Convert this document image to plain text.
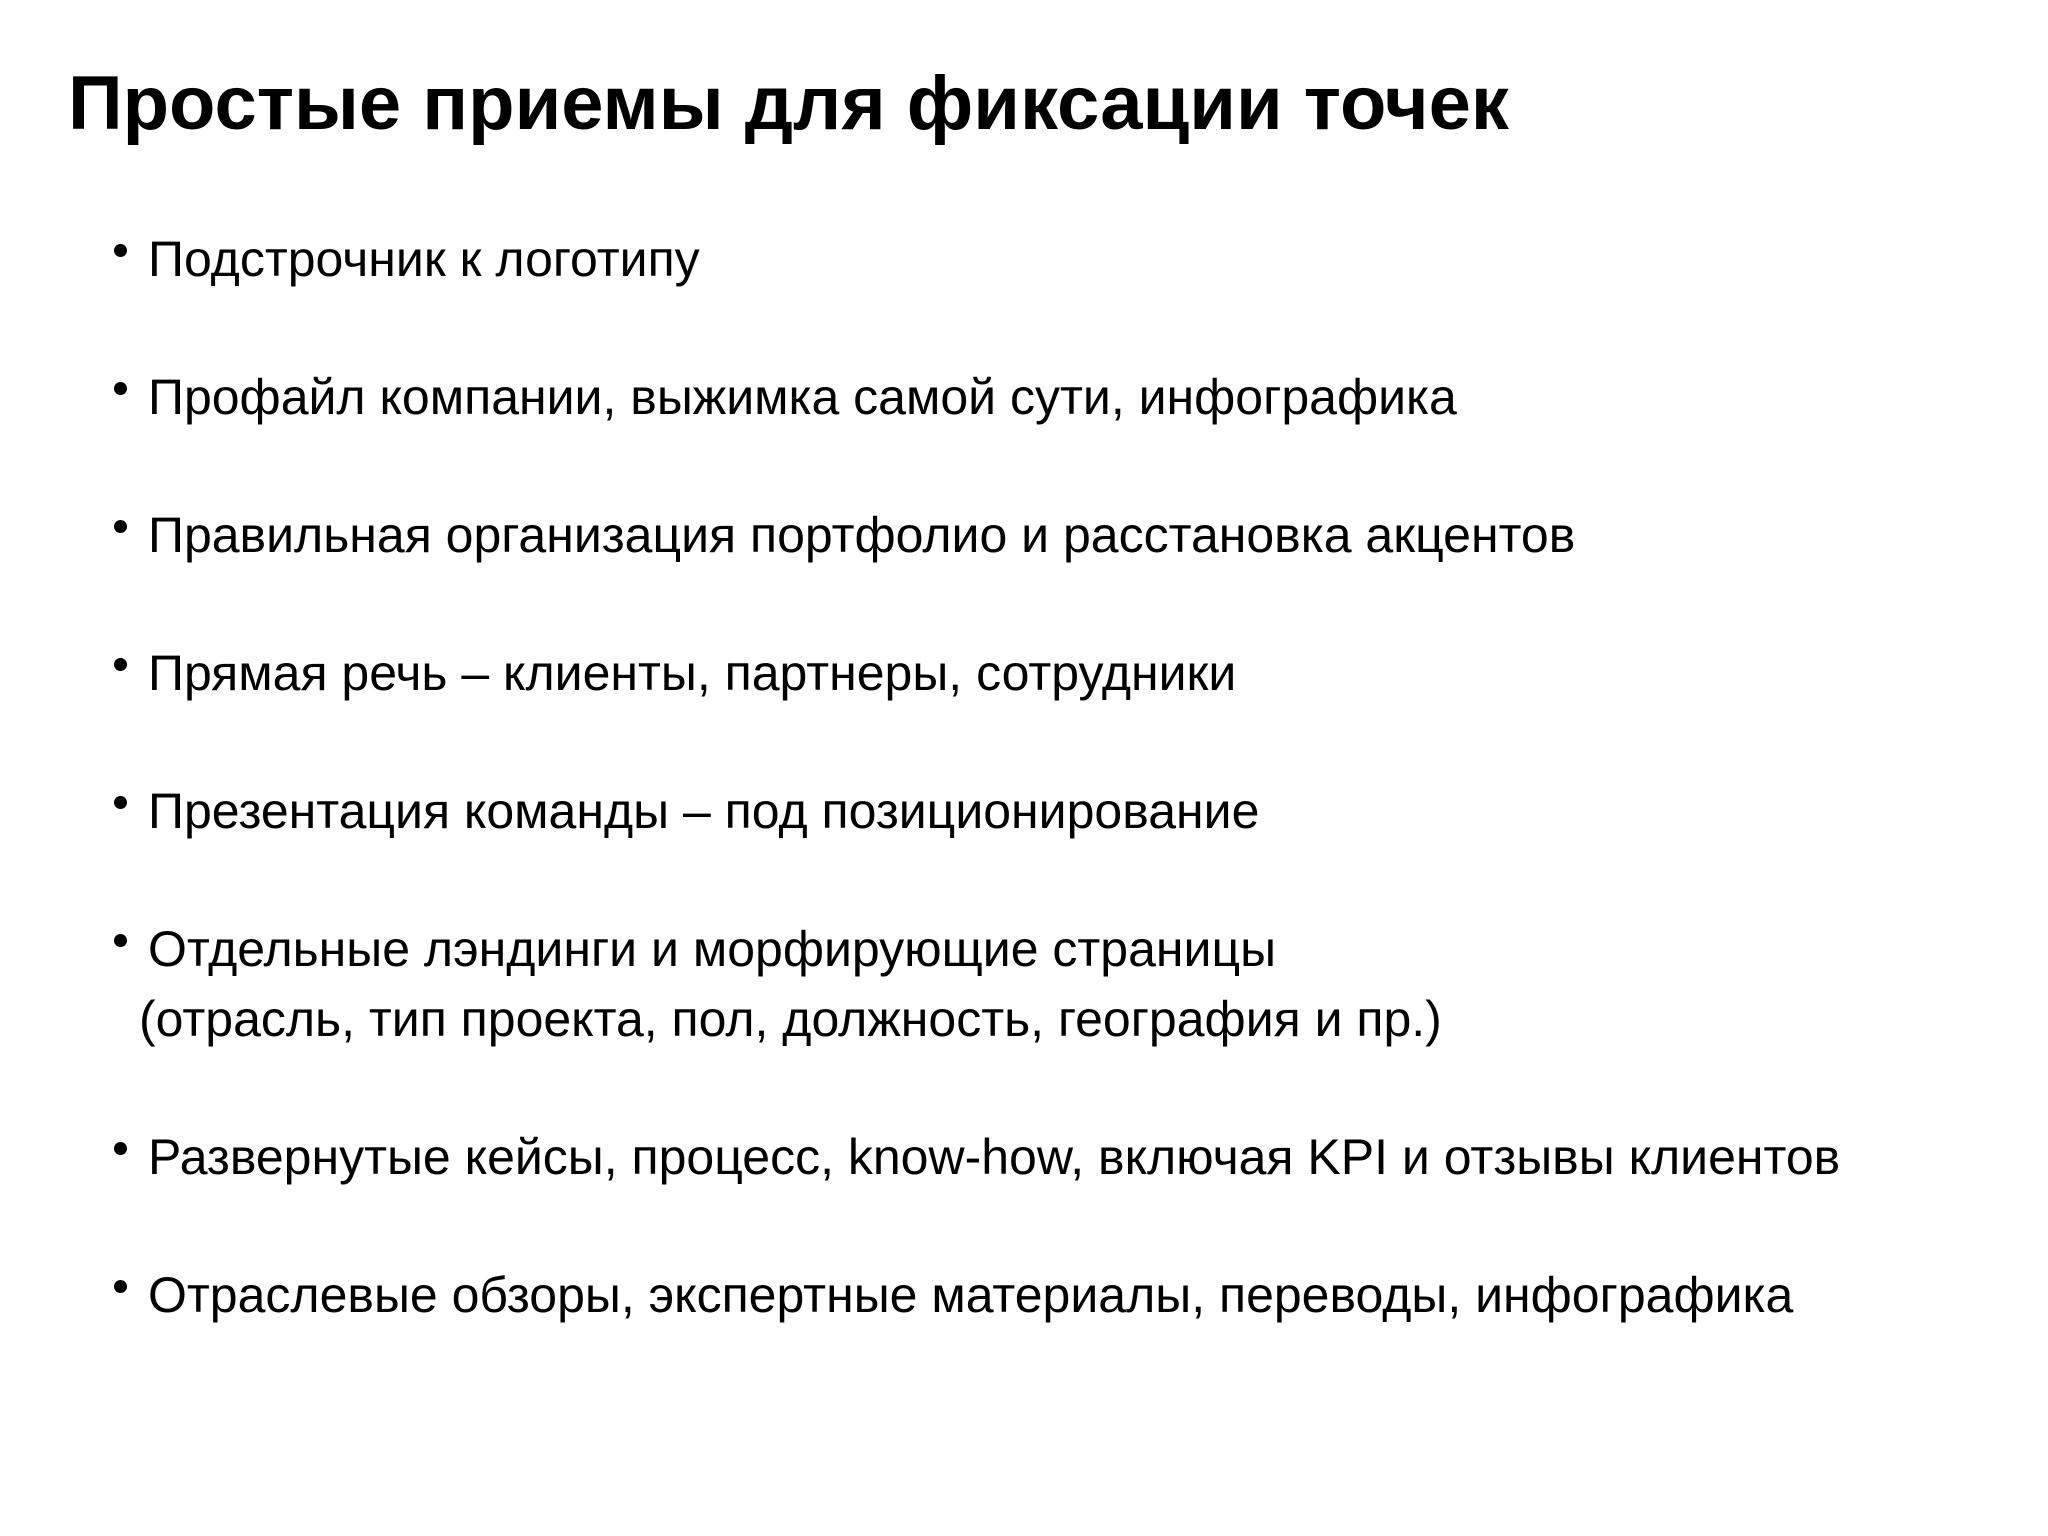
Простые приемы для фиксации точек
Подстрочник к логотипу
Профайл компании, выжимка самой сути, инфографика
Правильная организация портфолио и расстановка акцентов
Прямая речь – клиенты, партнеры, сотрудники
Презентация команды – под позиционирование
Отдельные лэндинги и морфирующие страницы
(отрасль, тип проекта, пол, должность, география и пр.)
Развернутые кейсы, процесс, know-how, включая KPI и отзывы клиентов
Отраслевые обзоры, экспертные материалы, переводы, инфографика
